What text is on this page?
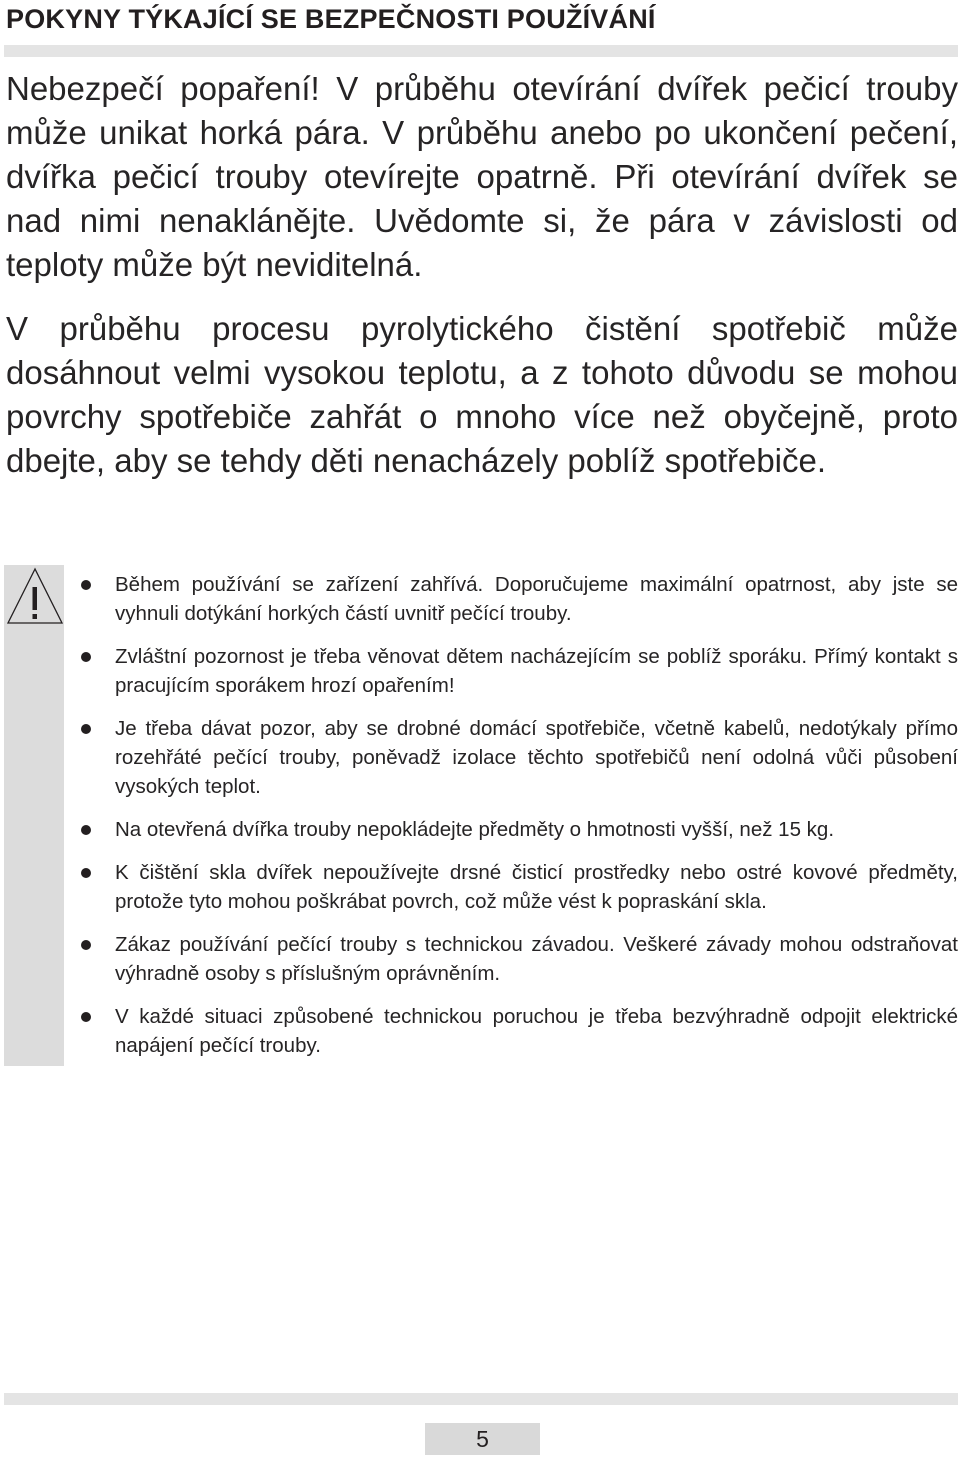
POKYNY TÝKAJÍCÍ SE BEZPEČNOSTI POUŽÍVÁNÍ
Nebezpečí popaření! V průběhu otevírání dvířek pečicí trouby může unikat horká pára. V průběhu anebo po ukončení pečení, dvířka pečicí trouby otevírejte opatrně. Při otevírání dvířek se nad nimi nenaklánějte. Uvědomte si, že pára v závislosti od teploty může být neviditelná.
V průběhu procesu pyrolytického čistění spotřebič může dosáhnout velmi vysokou teplotu, a z tohoto důvodu se mohou povrchy spotřebiče zahřát o mnoho více než obyčejně, proto dbejte, aby se tehdy děti nenacházely poblíž spotřebiče.
Během používání se zařízení zahřívá. Doporučujeme maximální opatrnost, aby jste se vyhnuli dotýkání horkých částí uvnitř pečící trouby.
Zvláštní pozornost je třeba věnovat dětem nacházejícím se poblíž sporáku. Přímý kontakt s pracujícím sporákem hrozí opařením!
Je třeba dávat pozor, aby se drobné domácí spotřebiče, včetně kabelů, nedotýkaly přímo rozehřáté pečící trouby, poněvadž izolace těchto spotřebičů není odolná vůči působení vysokých teplot.
Na otevřená dvířka trouby nepokládejte předměty o hmotnosti vyšší, než 15 kg.
K čištění skla dvířek nepoužívejte drsné čisticí prostředky nebo ostré kovové předměty, protože tyto mohou poškrábat povrch, což může vést k popraskání skla.
Zákaz používání pečící trouby s technickou závadou. Veškeré závady mohou odstraňovat výhradně osoby s příslušným oprávněním.
V každé situaci způsobené technickou poruchou je třeba bezvýhradně odpojit elektrické napájení pečící trouby.
5
